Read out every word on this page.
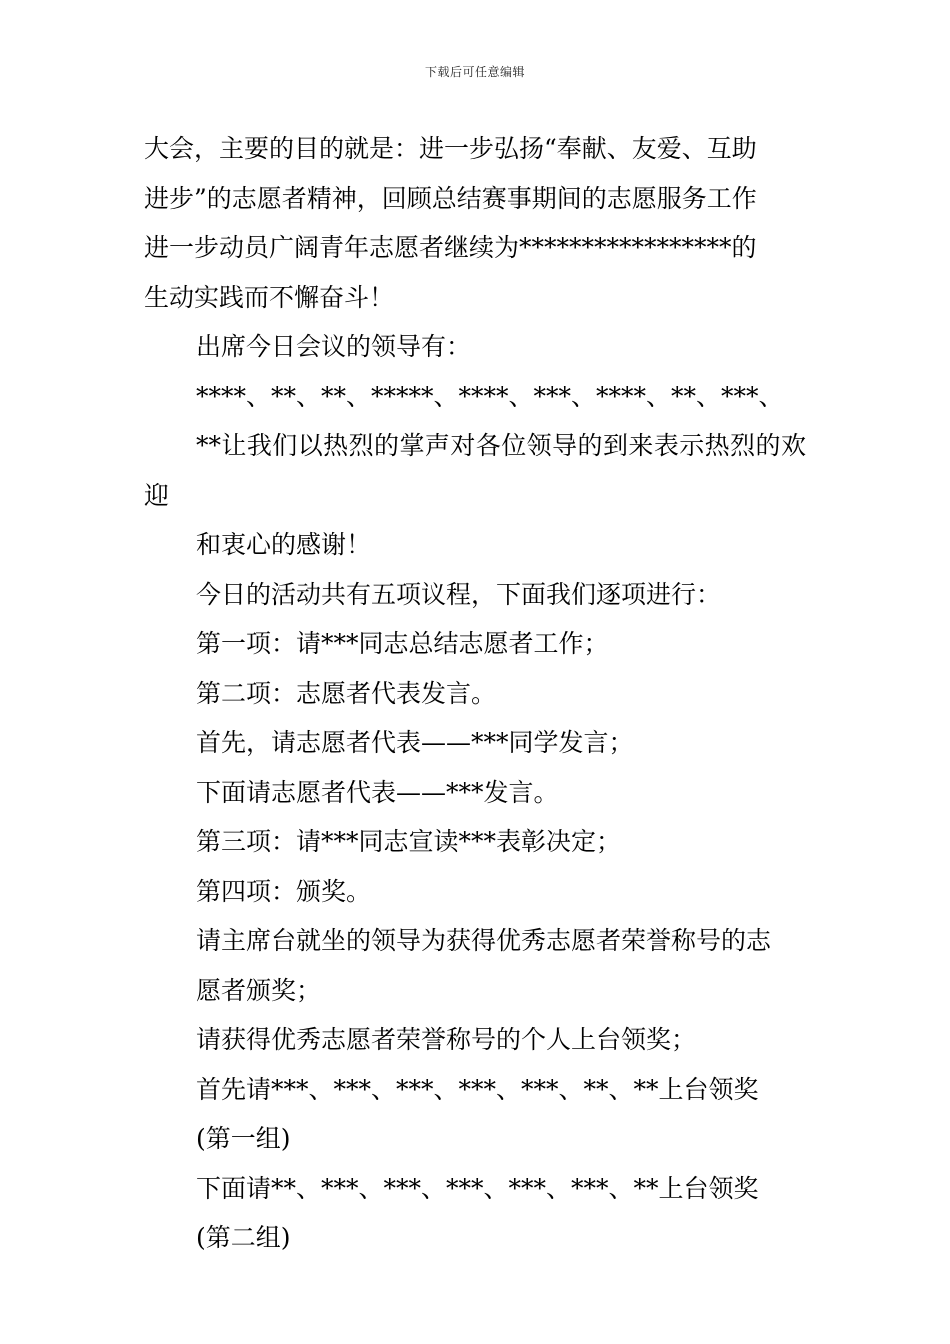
下载后可任意编辑

大会，主要的目的就是：进一步弘扬“奉献、友爱、互助
进步”的志愿者精神，回顾总结赛事期间的志愿服务工作
进一步动员广阔青年志愿者继续为*****************的
生动实践而不懈奋斗！

出席今日会议的领导有：

****、**、**、*****、****、***、****、**、***、
**让我们以热烈的掌声对各位领导的到来表示热烈的欢迎
和衷心的感谢！

今日的活动共有五项议程，下面我们逐项进行：

第一项：请***同志总结志愿者工作；

第二项：志愿者代表发言。

首先，请志愿者代表——***同学发言；

下面请志愿者代表——***发言。

第三项：请***同志宣读***表彰决定；

第四项：颁奖。

请主席台就坐的领导为获得优秀志愿者荣誉称号的志
愿者颁奖；

请获得优秀志愿者荣誉称号的个人上台领奖；

首先请***、***、***、***、***、**、**上台领奖
(第一组)

下面请**、***、***、***、***、***、**上台领奖
(第二组)
